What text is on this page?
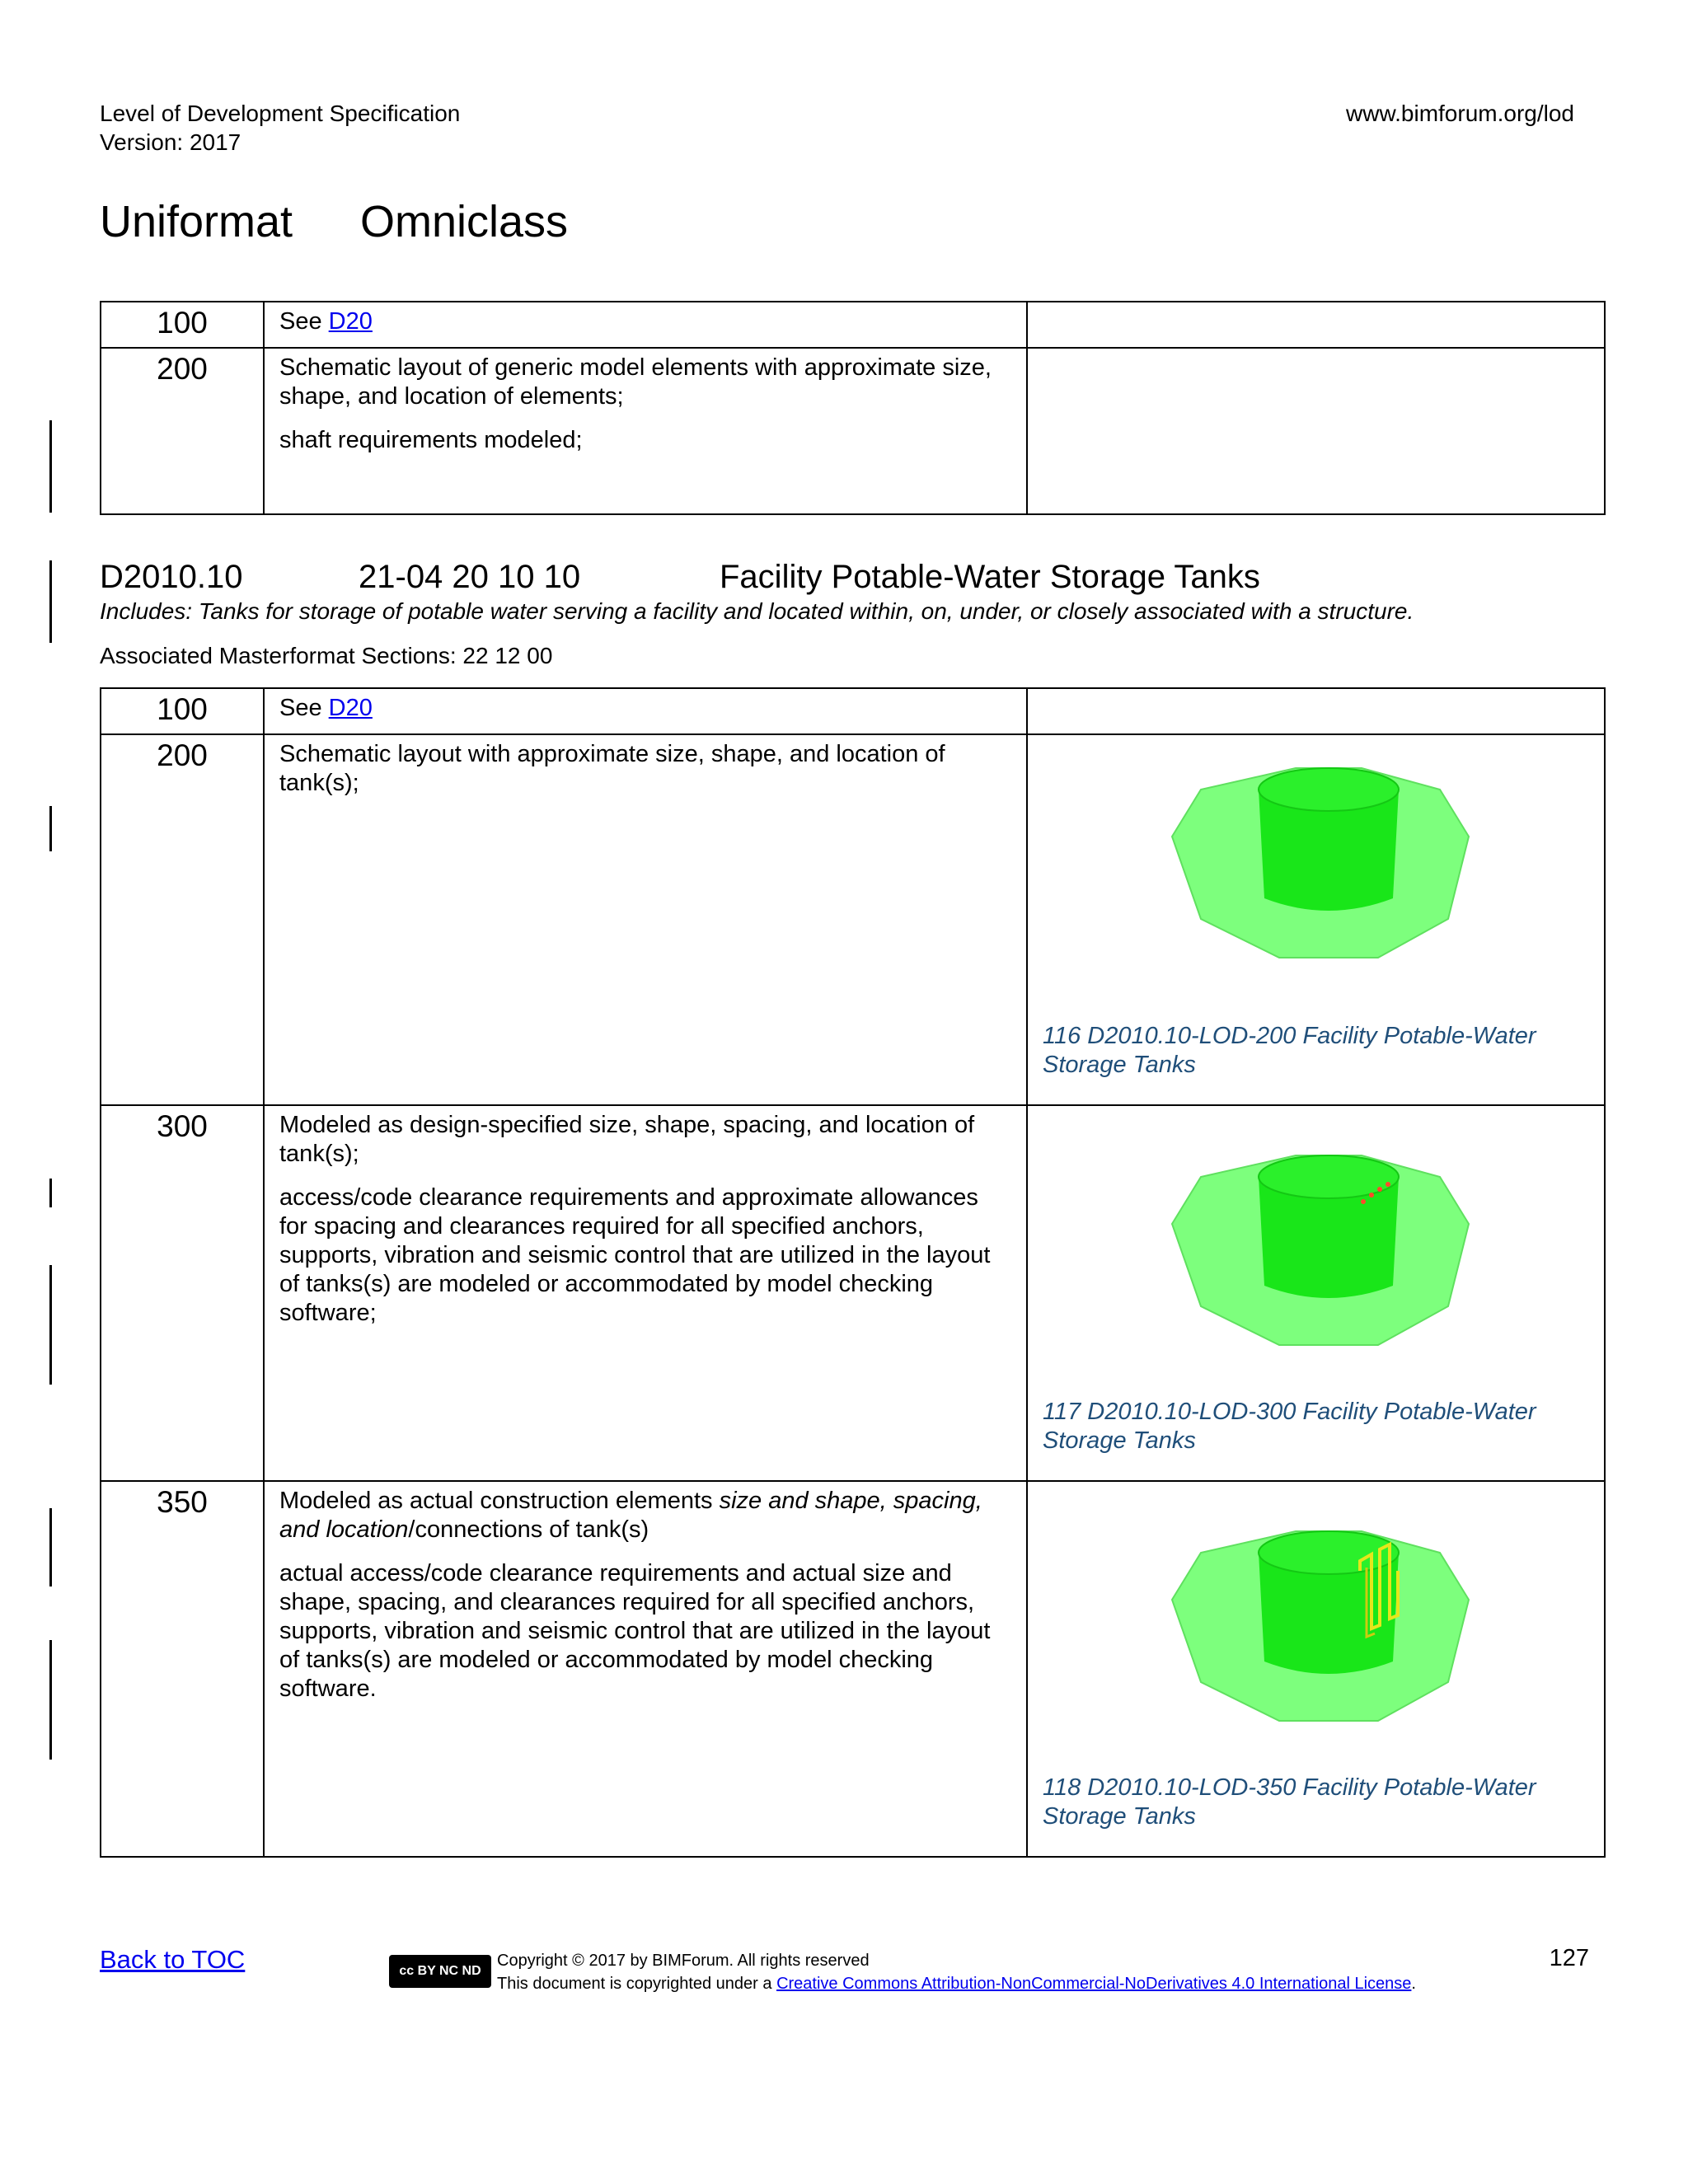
Level of Development Specification
Version: 2017
www.bimforum.org/lod
Uniformat Omniclass
100	See D20	
200	Schematic layout of generic model elements with approximate size, shape, and location of elements;

shaft requirements modeled;	

D2010.10	21-04 20 10 10	Facility Potable-Water Storage Tanks
Includes: Tanks for storage of potable water serving a facility and located within, on, under, or closely associated with a structure.
Associated Masterformat Sections: 22 12 00
100	See D20	
200	Schematic layout with approximate size, shape, and location of tank(s);	116 D2010.10-LOD-200 Facility Potable-Water Storage Tanks

300	Modeled as design-specified size, shape, spacing, and location of tank(s);

access/code clearance requirements and approximate allowances for spacing and clearances required for all specified anchors, supports, vibration and seismic control that are utilized in the layout of tanks(s) are modeled or accommodated by model checking software;	117 D2010.10-LOD-300 Facility Potable-Water Storage Tanks

350	Modeled as actual construction elements size and shape, spacing, and location/connections of tank(s)

actual access/code clearance requirements and actual size and shape, spacing, and clearances required for all specified anchors, supports, vibration and seismic control that are utilized in the layout of tanks(s) are modeled or accommodated by model checking software.	118 D2010.10-LOD-350 Facility Potable-Water Storage Tanks
Back to TOC	cc BY NC ND
Copyright © 2017 by BIMForum. All rights reserved
This document is copyrighted under a Creative Commons Attribution-NonCommercial-NoDerivatives 4.0 International License.
127
